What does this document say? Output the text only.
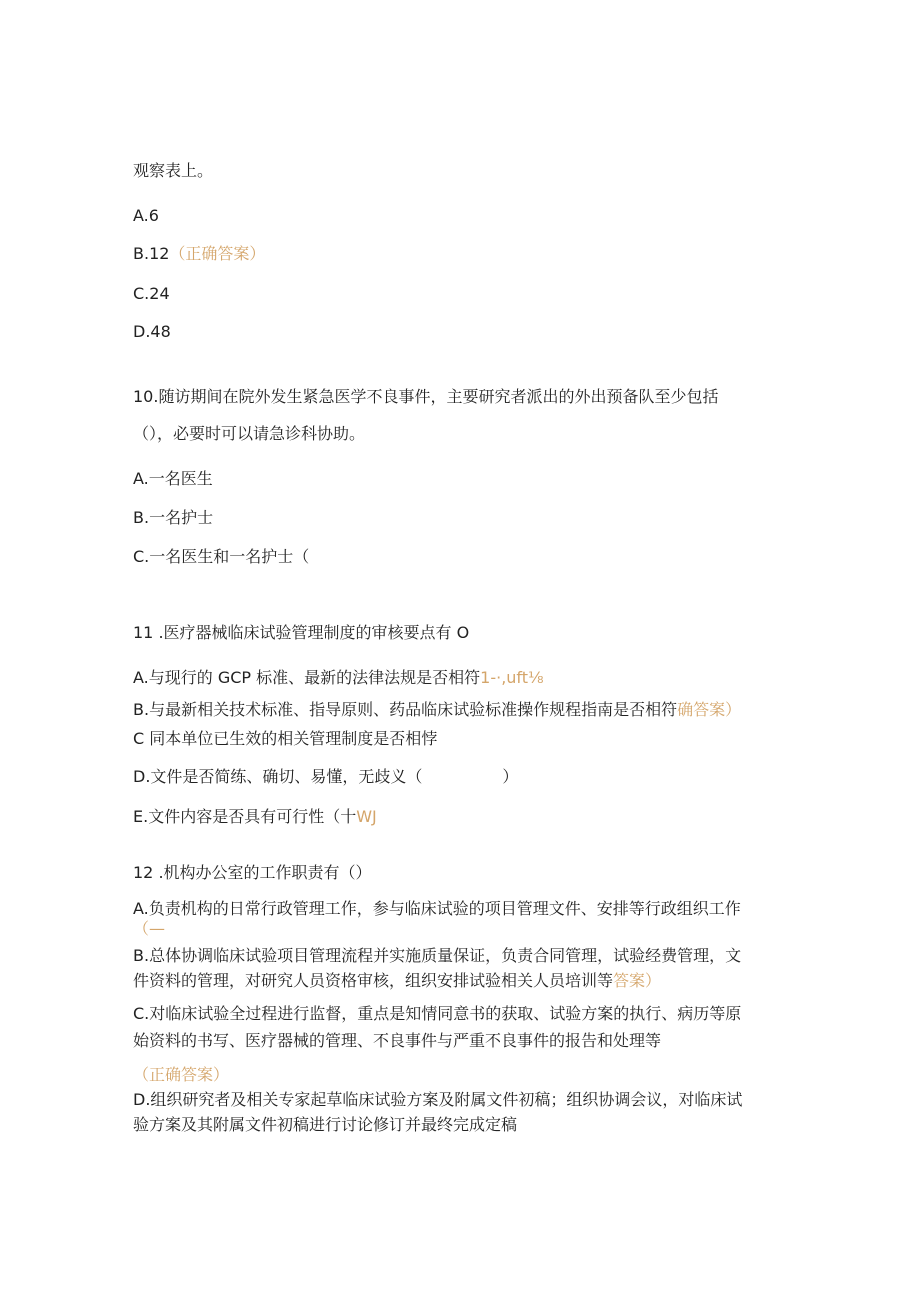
观察表上。
A.6
B.12（正确答案）
C.24
D.48
10.随访期间在院外发生紧急医学不良事件，主要研究者派出的外出预备队至少包括
（），必要时可以请急诊科协助。
A.一名医生
B.一名护士
C.一名医生和一名护士（
11 .医疗器械临床试验管理制度的审核要点有 O
A.与现行的 GCP 标准、最新的法律法规是否相符1-·,uft⅛
B.与最新相关技术标准、指导原则、药品临床试验标准操作规程指南是否相符确答案）
C 同本单位已生效的相关管理制度是否相悖
D.文件是否简练、确切、易懂，无歧义（	）
E.文件内容是否具有可行性（十WJ
12 .机构办公室的工作职责有（）
A.负责机构的日常行政管理工作，参与临床试验的项目管理文件、安排等行政组织工作
（—
B.总体协调临床试验项目管理流程并实施质量保证，负责合同管理，试验经费管理，文
件资料的管理，对研究人员资格审核，组织安排试验相关人员培训等答案）
C.对临床试验全过程进行监督，重点是知情同意书的获取、试验方案的执行、病历等原
始资料的书写、医疗器械的管理、不良事件与严重不良事件的报告和处理等
（正确答案）
D.组织研究者及相关专家起草临床试验方案及附属文件初稿；组织协调会议，对临床试
验方案及其附属文件初稿进行讨论修订并最终完成定稿
